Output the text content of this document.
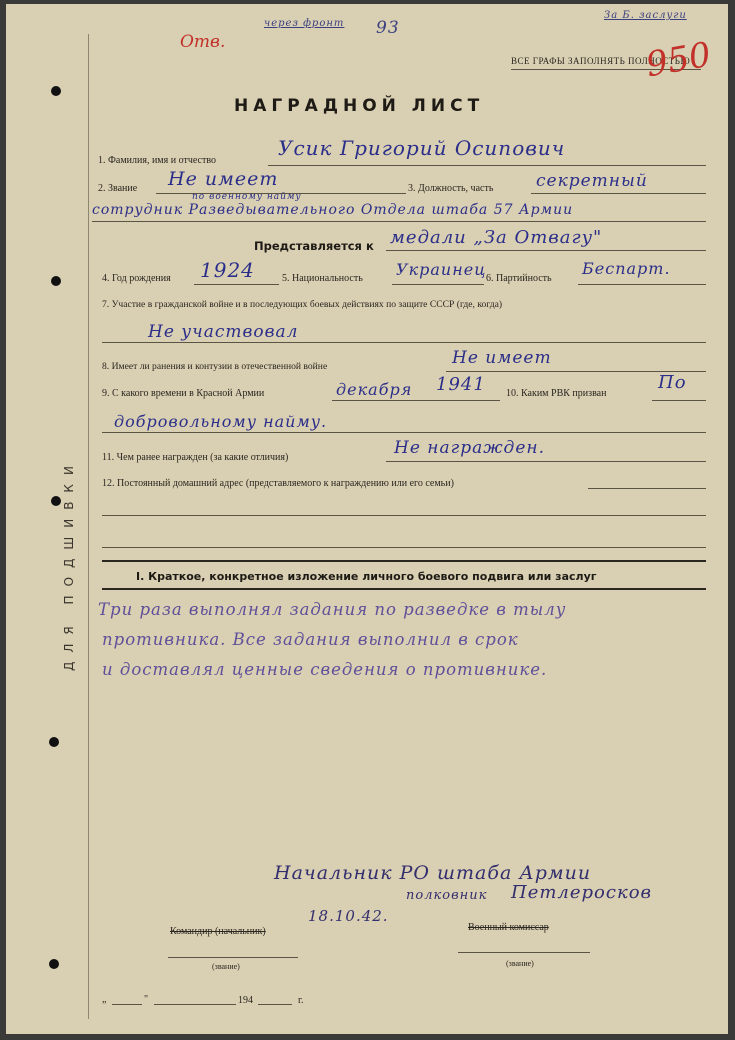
ДЛЯ ПОДШИВКИ
Отв.
через фронт 93
За Б. заслуги
ВСЕ ГРАФЫ ЗАПОЛНЯТЬ ПОЛНОСТЬЮ
950
НАГРАДНОЙ ЛИСТ
1. Фамилия, имя и отчество
Усик Григорий Осипович
2. Звание Не имеет
по военному найму
3. Должность, часть	секретный
сотрудник Разведывательного Отдела штаба 57 Армии
Представляется к медали „За Отвагу"
4. Год рождения 1924	5. Национальность Украинец 6. Партийность
Беспарт.
7. Участие в гражданской войне и в последующих боевых действиях по защите СССР (где, когда)
Не участвовал
8. Имеет ли ранения и контузии в отечественной войне	Не имеет
9. С какого времени в Красной Армии	декабря 1941 10. Каким РВК призван
По
добровольному найму.
11. Чем ранее награжден (за какие отличия)	Не награжден.
12. Постоянный домашний адрес (представляемого к награждению или его семьи)
I. Краткое, конкретное изложение личного боевого подвига или заслуг
Три раза выполнял задания по разведке в тылу
противника. Все задания выполнил в срок
и доставлял ценные сведения о противнике.
Начальник РО штаба Армии
полковник Петлеросков
18.10.42.
Командир (начальник)	Военный комиссар
(звание)	(звание)
„	"	194	г.
